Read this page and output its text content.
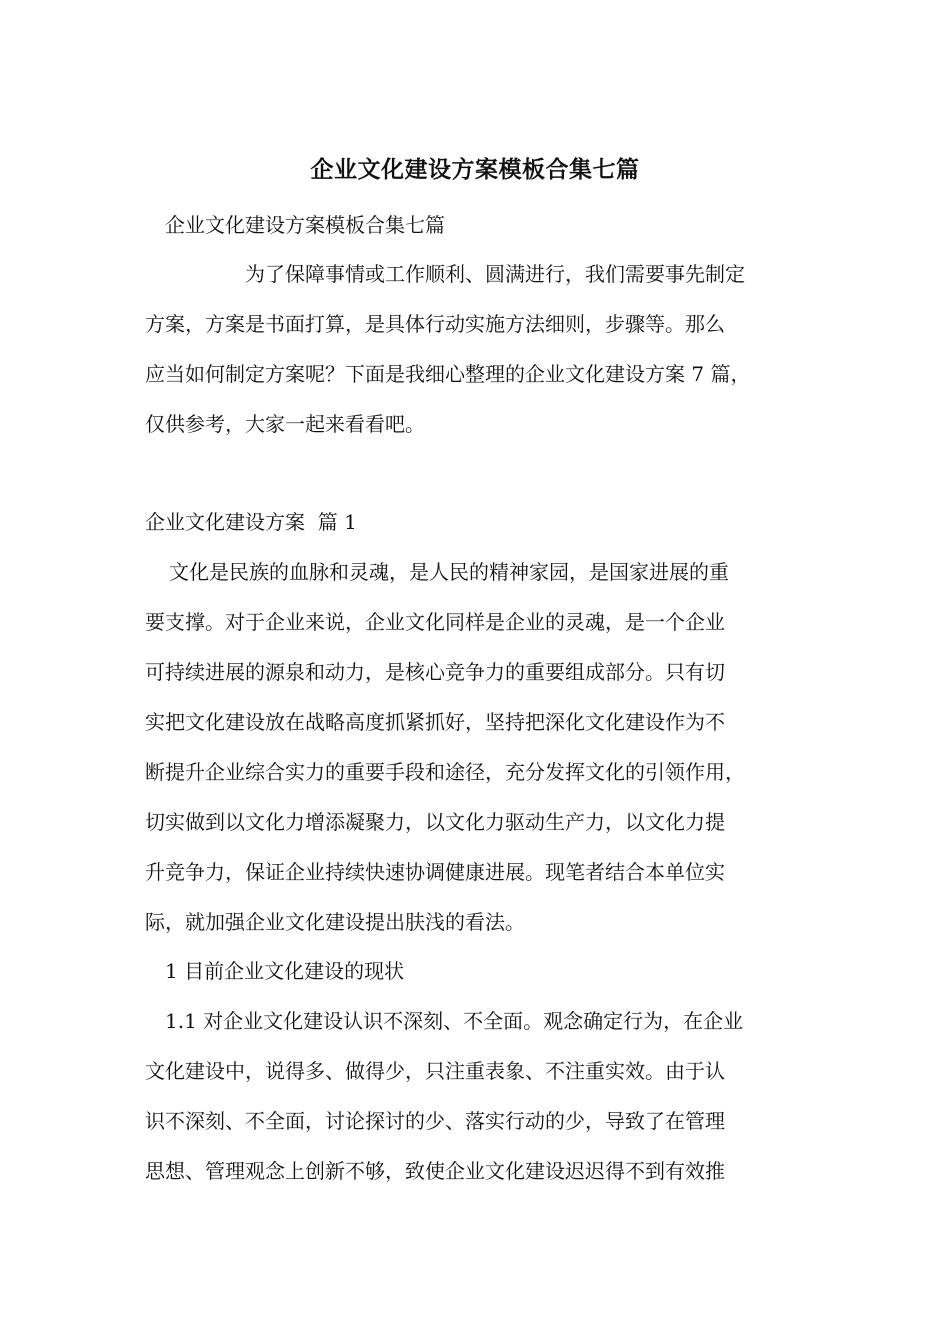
企业文化建设方案模板合集七篇
企业文化建设方案模板合集七篇
为了保障事情或工作顺利、圆满进行，我们需要事先制定
方案，方案是书面打算，是具体行动实施方法细则，步骤等。那么
应当如何制定方案呢？下面是我细心整理的企业文化建设方案 7 篇，
仅供参考，大家一起来看看吧。
企业文化建设方案  篇 1
文化是民族的血脉和灵魂，是人民的精神家园，是国家进展的重
要支撑。对于企业来说，企业文化同样是企业的灵魂，是一个企业
可持续进展的源泉和动力，是核心竞争力的重要组成部分。只有切
实把文化建设放在战略高度抓紧抓好，坚持把深化文化建设作为不
断提升企业综合实力的重要手段和途径，充分发挥文化的引领作用，
切实做到以文化力增添凝聚力，以文化力驱动生产力，以文化力提
升竞争力，保证企业持续快速协调健康进展。现笔者结合本单位实
际，就加强企业文化建设提出肤浅的看法。
1 目前企业文化建设的现状
1.1 对企业文化建设认识不深刻、不全面。观念确定行为，在企业
文化建设中，说得多、做得少，只注重表象、不注重实效。由于认
识不深刻、不全面，讨论探讨的少、落实行动的少，导致了在管理
思想、管理观念上创新不够，致使企业文化建设迟迟得不到有效推
